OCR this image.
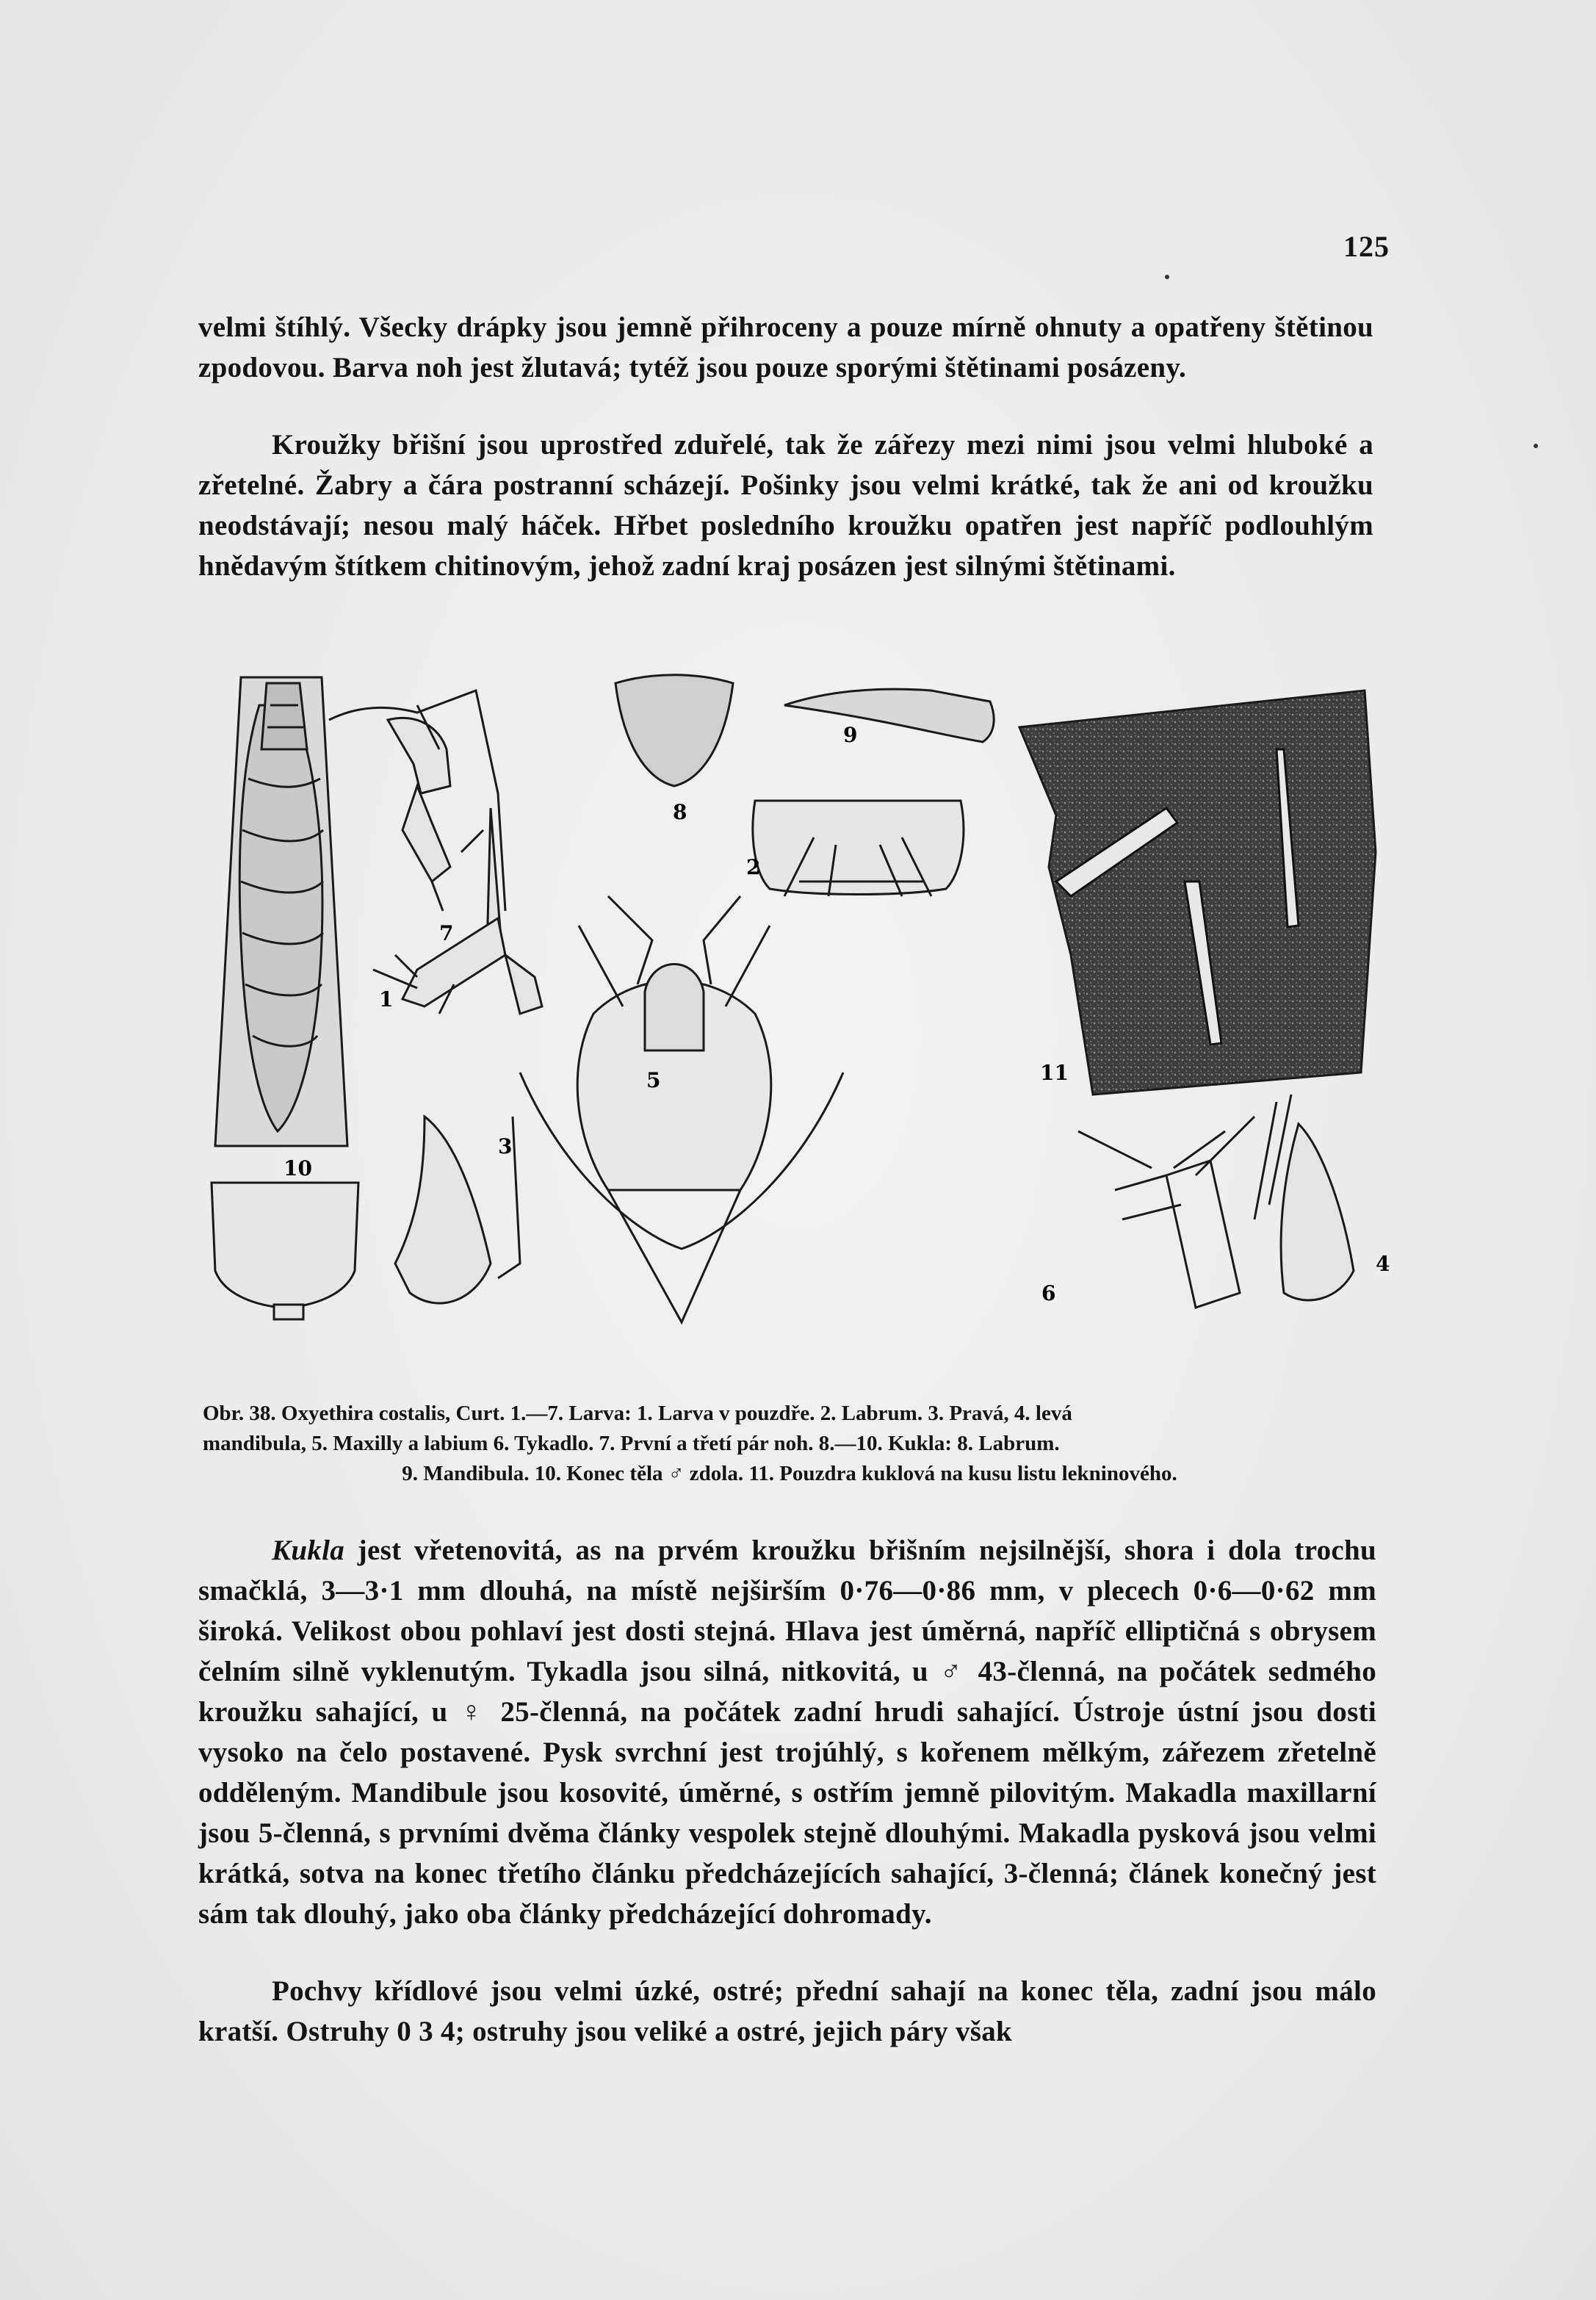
125

velmi štíhlý. Všecky drápky jsou jemně přihroceny a pouze mírně ohnuty a opatřeny štětinou zpodovou. Barva noh jest žlutavá; tytéž jsou pouze sporými štětinami posázeny.

Kroužky břišní jsou uprostřed zduřelé, tak že zářezy mezi nimi jsou velmi hluboké a zřetelné. Žabry a čára postranní scházejí. Pošinky jsou velmi krátké, tak že ani od kroužku neodstávají; nesou malý háček. Hřbet posledního kroužku opatřen jest napříč podlouhlým hnědavým štítkem chitinovým, jehož zadní kraj posázen jest silnými štětinami.

1
2
3
4
5
6
7
8
9
10
11
Obr. 38. Oxyethira costalis, Curt. 1.—7. Larva: 1. Larva v pouzdře. 2. Labrum. 3. Pravá, 4. levá
mandibula, 5. Maxilly a labium 6. Tykadlo. 7. První a třetí pár noh. 8.—10. Kukla: 8. Labrum.
9. Mandibula. 10. Konec těla ♂ zdola. 11. Pouzdra kuklová na kusu listu lekninového.

Kukla jest vřetenovitá, as na prvém kroužku břišním nejsilnější, shora i dola trochu smačklá, 3—3·1 mm dlouhá, na místě nejširším 0·76—0·86 mm, v plecech 0·6—0·62 mm široká. Velikost obou pohlaví jest dosti stejná. Hlava jest úměrná, napříč elliptičná s obrysem čelním silně vyklenutým. Tykadla jsou silná, nitkovitá, u ♂ 43-členná, na počátek sedmého kroužku sahající, u ♀ 25-členná, na počátek zadní hrudi sahající. Ústroje ústní jsou dosti vysoko na čelo postavené. Pysk svrchní jest trojúhlý, s kořenem mělkým, zářezem zřetelně odděleným. Mandibule jsou kosovité, úměrné, s ostřím jemně pilovitým. Makadla maxillarní jsou 5-členná, s prvními dvěma články vespolek stejně dlouhými. Makadla pysková jsou velmi krátká, sotva na konec třetího článku předcházejících sahající, 3-členná; článek konečný jest sám tak dlouhý, jako oba články předcházející dohromady.

Pochvy křídlové jsou velmi úzké, ostré; přední sahají na konec těla, zadní jsou málo kratší. Ostruhy 0 3 4; ostruhy jsou veliké a ostré, jejich páry však
